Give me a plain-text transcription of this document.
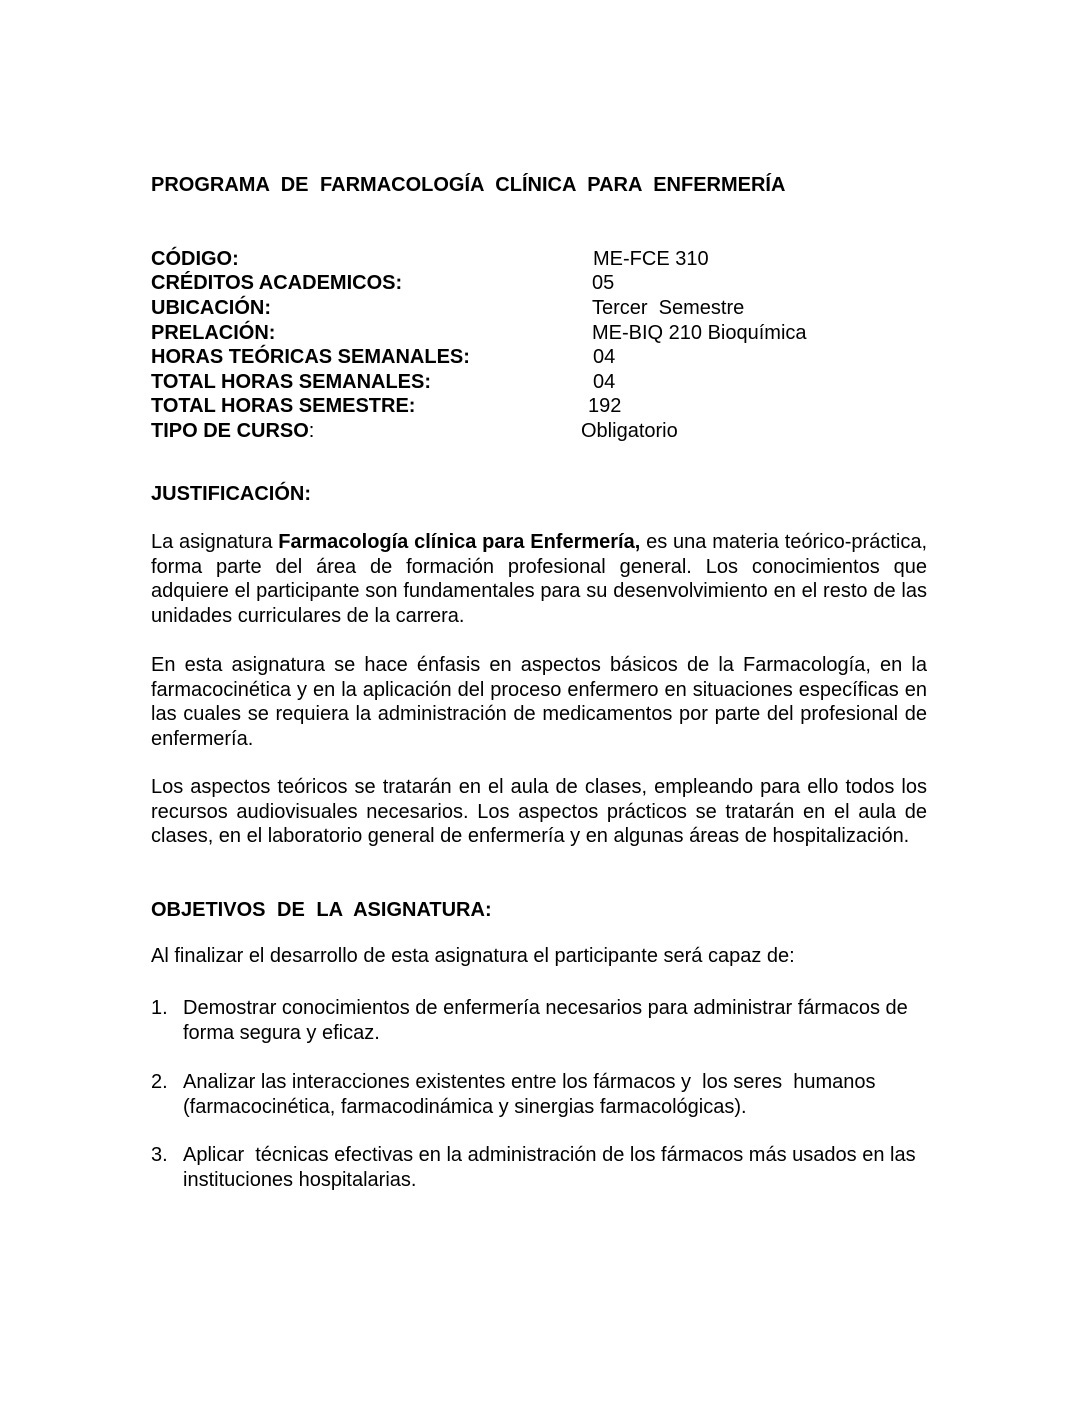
PROGRAMA DE FARMACOLOGÍA CLÍNICA PARA ENFERMERÍA
CÓDIGO:	ME-FCE 310
CRÉDITOS ACADEMICOS:	05
UBICACIÓN:	Tercer  Semestre
PRELACIÓN:	ME-BIQ 210 Bioquímica
HORAS TEÓRICAS SEMANALES:	04
TOTAL HORAS SEMANALES:	04
TOTAL HORAS SEMESTRE:	192
TIPO DE CURSO:	Obligatorio
JUSTIFICACIÓN:
La asignatura Farmacología clínica para Enfermería, es una materia teórico-práctica, forma parte del área de formación profesional general. Los conocimientos que adquiere el participante son fundamentales para su desenvolvimiento en el resto de las unidades curriculares de la carrera.
En esta asignatura se hace énfasis en aspectos básicos de la Farmacología, en la farmacocinética y en la aplicación del proceso enfermero en situaciones específicas en las cuales se requiera la administración de medicamentos por parte del profesional de enfermería.
Los aspectos teóricos se tratarán en el aula de clases, empleando para ello todos los recursos audiovisuales necesarios. Los aspectos prácticos se tratarán en el aula de clases, en el laboratorio general de enfermería y en algunas áreas de hospitalización.
OBJETIVOS DE LA ASIGNATURA:
Al finalizar el desarrollo de esta asignatura el participante será capaz de:
1. Demostrar conocimientos de enfermería necesarios para administrar fármacos de forma segura y eficaz.
2. Analizar las interacciones existentes entre los fármacos y  los seres  humanos (farmacocinética, farmacodinámica y sinergias farmacológicas).
3. Aplicar  técnicas efectivas en la administración de los fármacos más usados en las instituciones hospitalarias.
